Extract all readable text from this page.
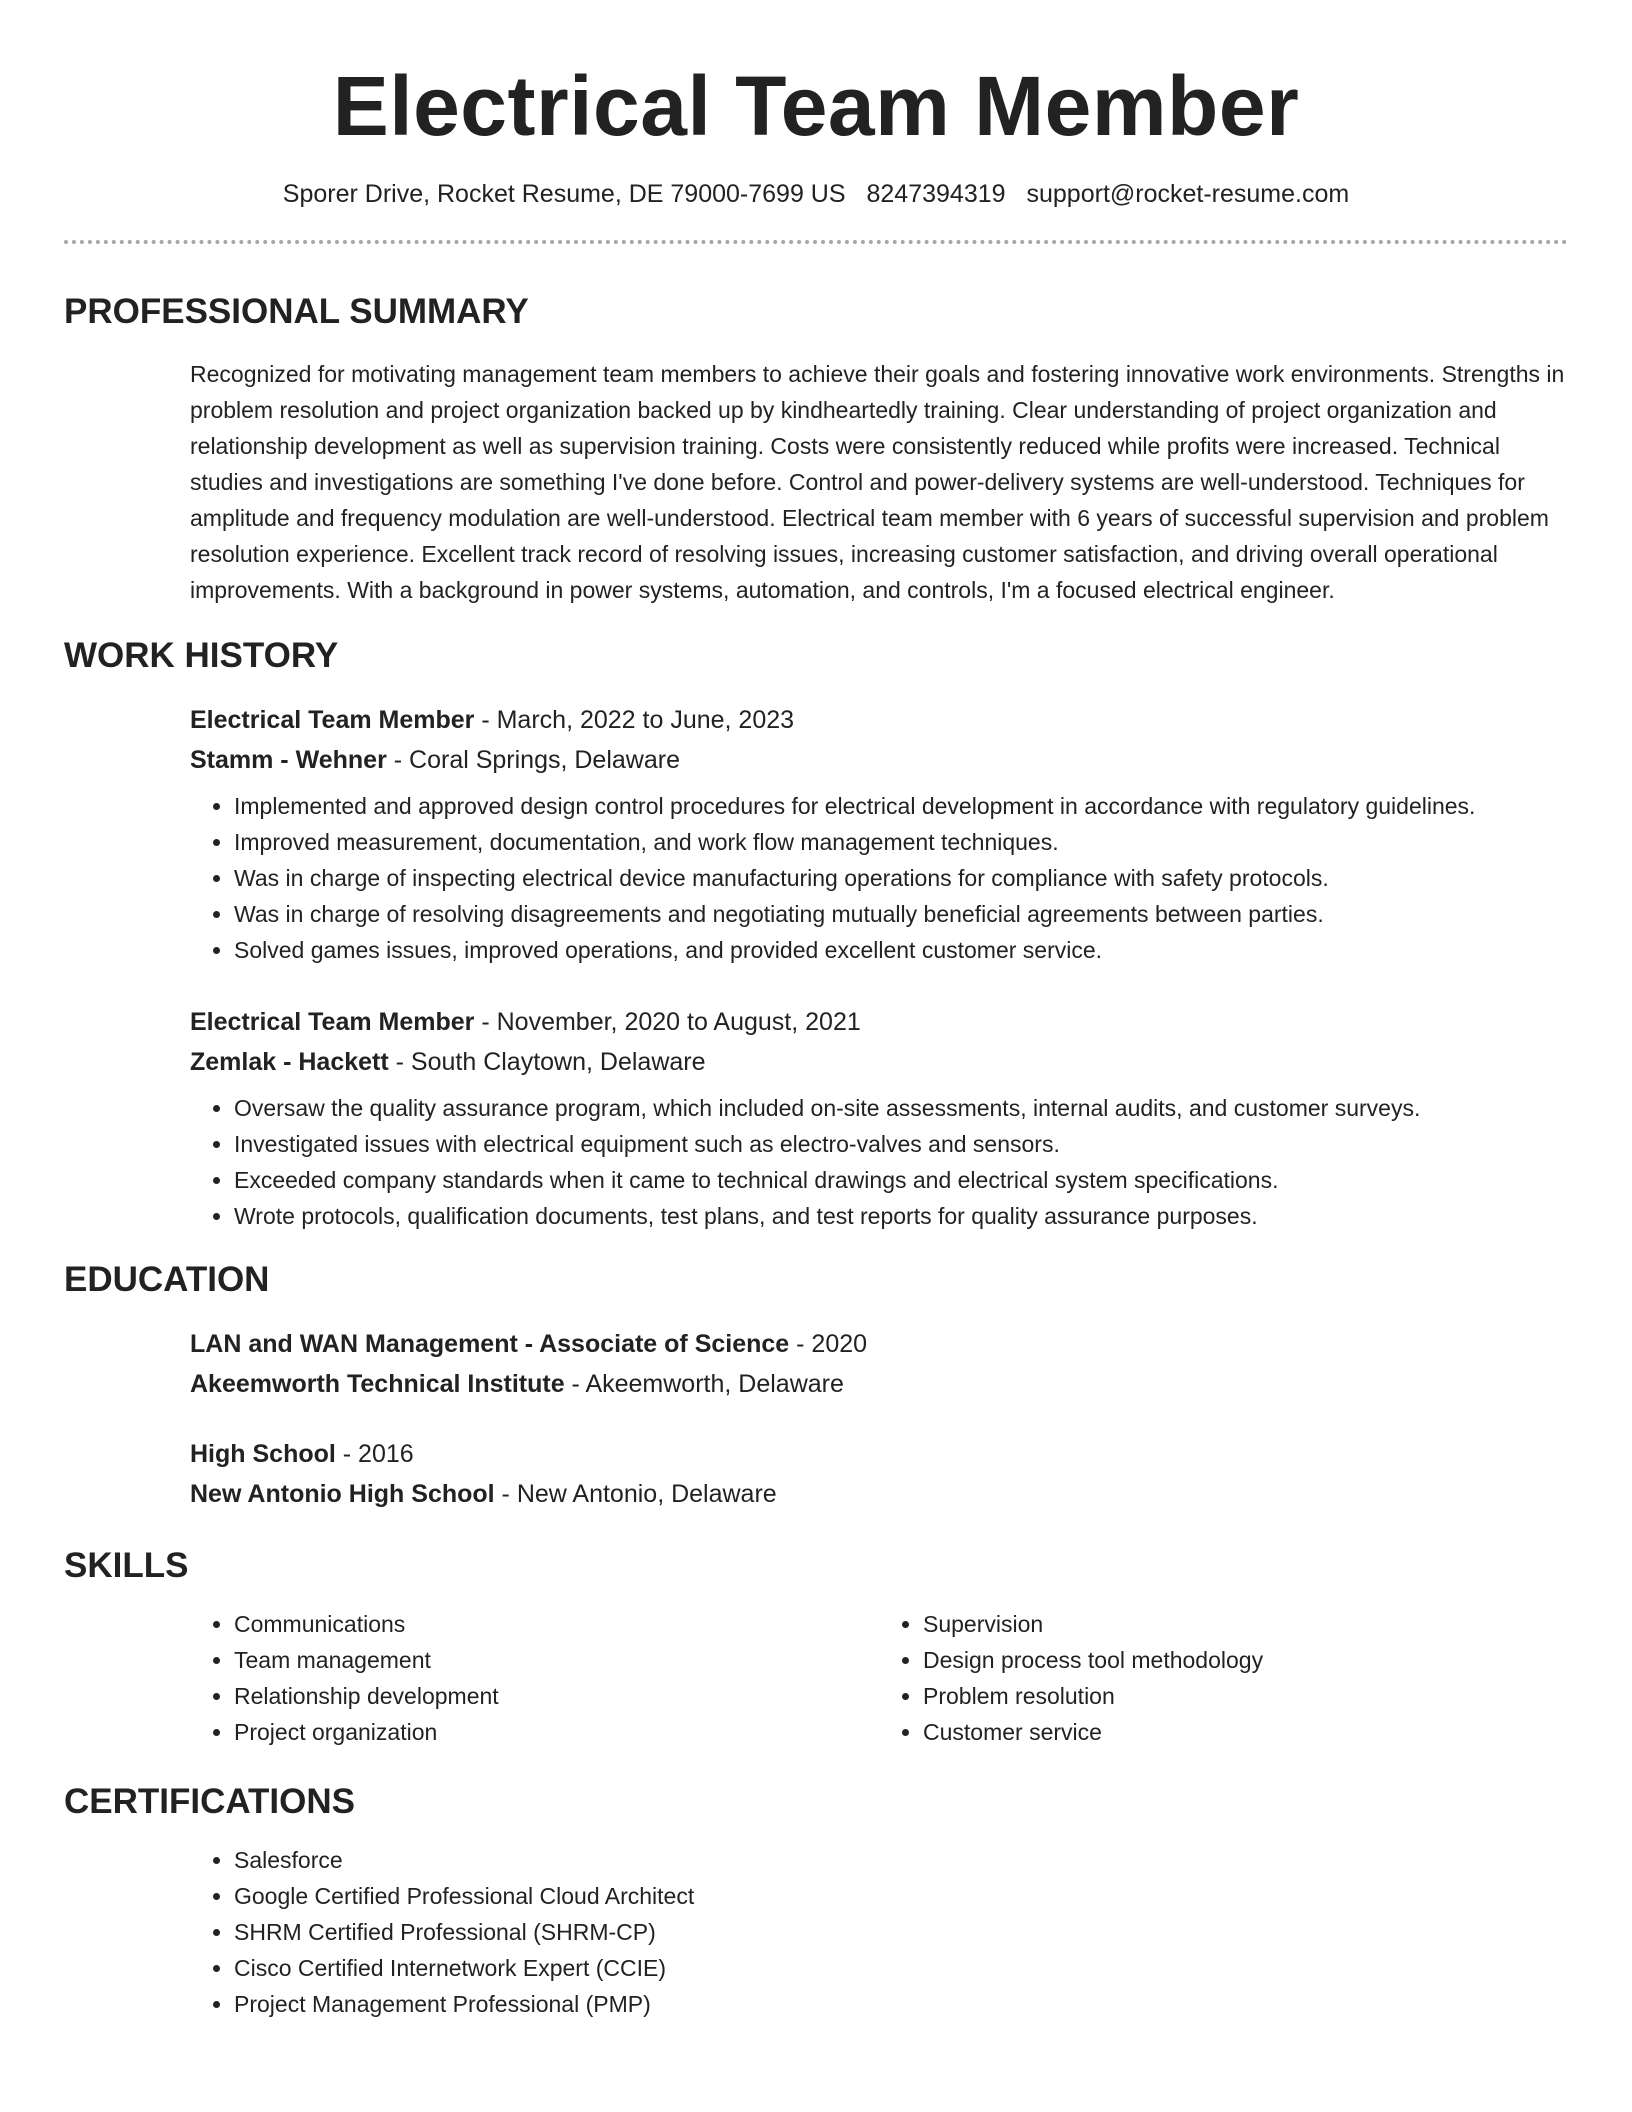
Electrical Team Member
Sporer Drive, Rocket Resume, DE 79000-7699 US 8247394319 support@rocket-resume.com
PROFESSIONAL SUMMARY

Recognized for motivating management team members to achieve their goals and fostering innovative work environments. Strengths in problem resolution and project organization backed up by kindheartedly training. Clear understanding of project organization and relationship development as well as supervision training. Costs were consistently reduced while profits were increased. Technical studies and investigations are something I've done before. Control and power-delivery systems are well-understood. Techniques for amplitude and frequency modulation are well-understood. Electrical team member with 6 years of successful supervision and problem resolution experience. Excellent track record of resolving issues, increasing customer satisfaction, and driving overall operational improvements. With a background in power systems, automation, and controls, I'm a focused electrical engineer.

WORK HISTORY
Electrical Team Member - March, 2022 to June, 2023
Stamm - Wehner - Coral Springs, Delaware
• Implemented and approved design control procedures for electrical development in accordance with regulatory guidelines.
• Improved measurement, documentation, and work flow management techniques.
• Was in charge of inspecting electrical device manufacturing operations for compliance with safety protocols.
• Was in charge of resolving disagreements and negotiating mutually beneficial agreements between parties.
• Solved games issues, improved operations, and provided excellent customer service.
Electrical Team Member - November, 2020 to August, 2021
Zemlak - Hackett - South Claytown, Delaware
• Oversaw the quality assurance program, which included on-site assessments, internal audits, and customer surveys.
• Investigated issues with electrical equipment such as electro-valves and sensors.
• Exceeded company standards when it came to technical drawings and electrical system specifications.
• Wrote protocols, qualification documents, test plans, and test reports for quality assurance purposes.
EDUCATION
LAN and WAN Management - Associate of Science - 2020
Akeemworth Technical Institute - Akeemworth, Delaware
High School - 2016
New Antonio High School - New Antonio, Delaware
SKILLS
• Communications
• Team management
• Relationship development
• Project organization
• Supervision
• Design process tool methodology
• Problem resolution
• Customer service
CERTIFICATIONS
• Salesforce
• Google Certified Professional Cloud Architect
• SHRM Certified Professional (SHRM-CP)
• Cisco Certified Internetwork Expert (CCIE)
• Project Management Professional (PMP)
